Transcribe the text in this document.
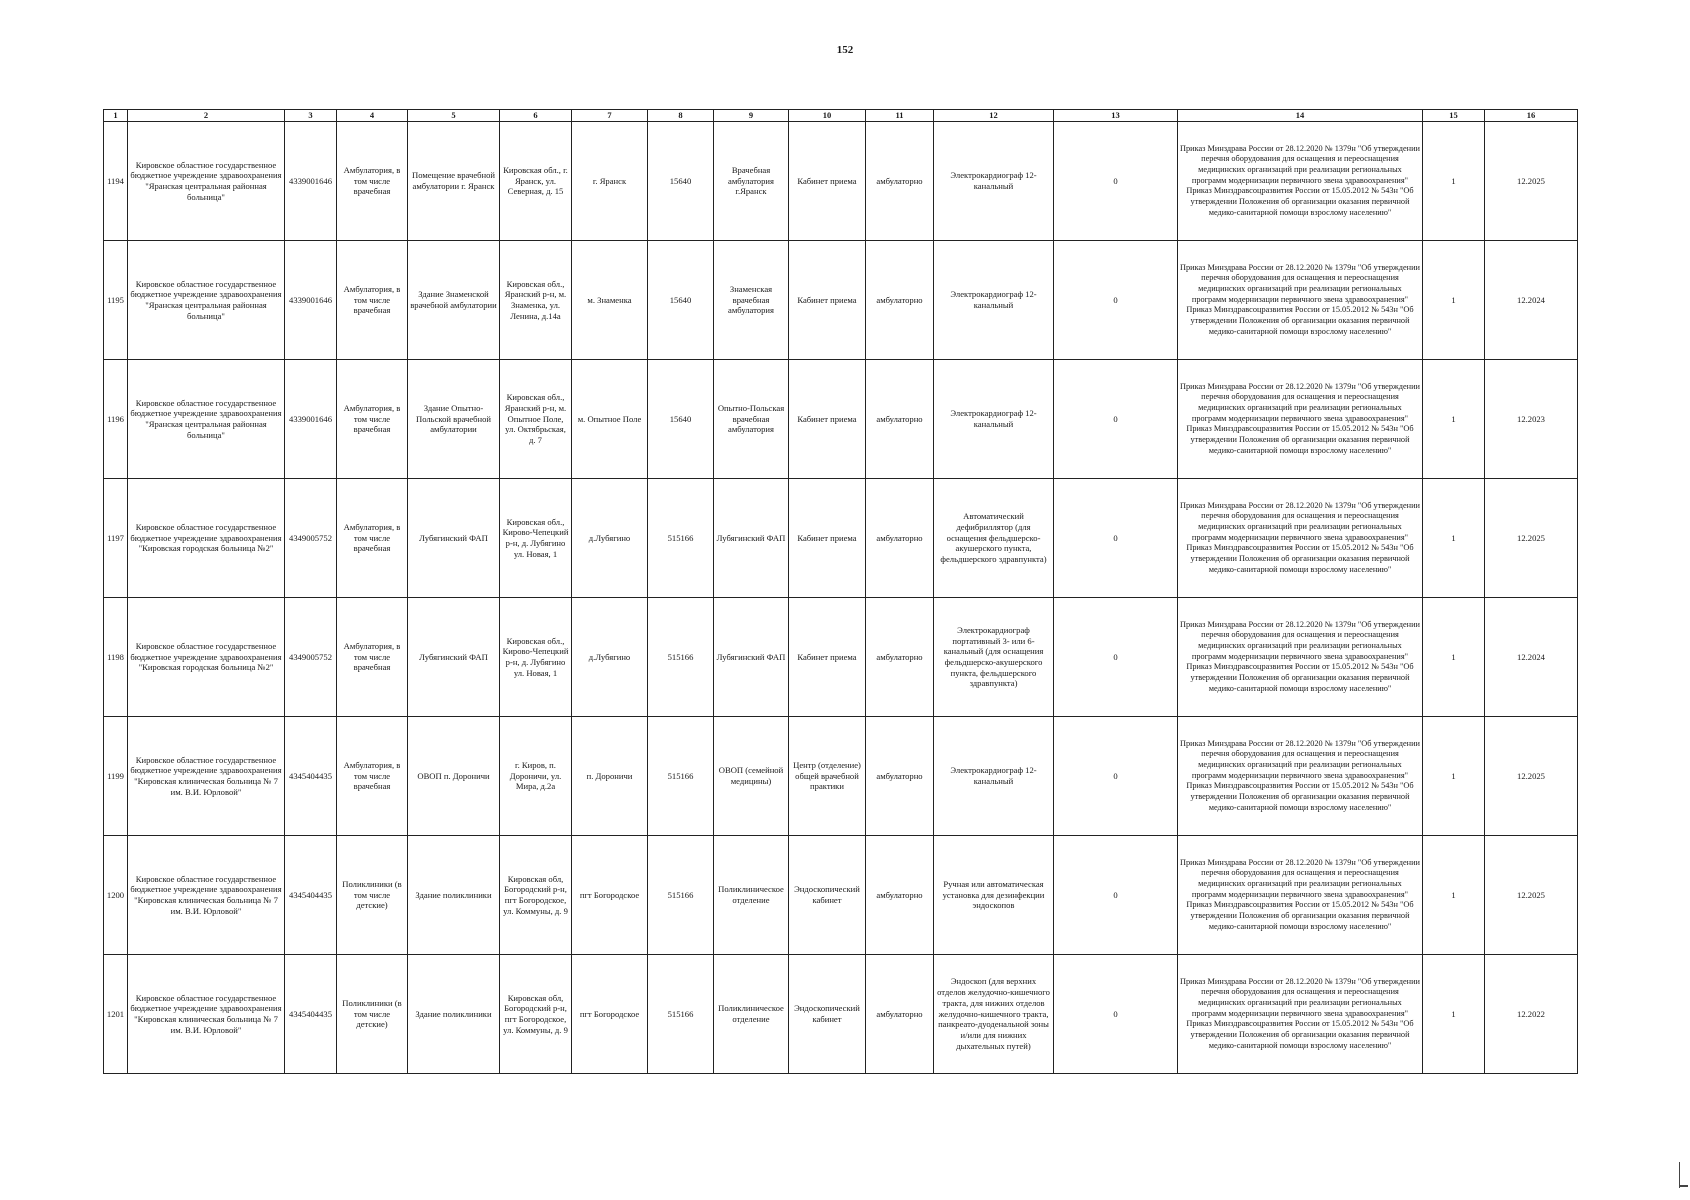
152
1	2	3	4	5	6	7	8	9	10	11	12	13	14	15	16
1194	Кировское областное государственное бюджетное учреждение здравоохранения "Яранская центральная районная больница"	4339001646	Амбулатория, в том числе врачебная	Помещение врачебной амбулатории г. Яранск	Кировская обл., г. Яранск, ул. Северная, д. 15	г. Яранск	15640	Врачебная амбулатория г.Яранск	Кабинет приема	амбулаторно	Электрокардиограф 12-канальный	0	Приказ Минздрава России от 28.12.2020 № 1379н "Об утверждении перечня оборудования для оснащения и переоснащения медицинских организаций при реализации региональных программ модернизации первичного звена здравоохранения"
Приказ Минздравсоцразвития России от 15.05.2012 № 543н "Об утверждении Положения об организации оказания первичной медико-санитарной помощи взрослому населению"	1	12.2025
1195	Кировское областное государственное бюджетное учреждение здравоохранения "Яранская центральная районная больница"	4339001646	Амбулатория, в том числе врачебная	Здание Знаменской врачебной амбулатории	Кировская обл., Яранский р-н, м. Знаменка, ул. Ленина, д.14а	м. Знаменка	15640	Знаменская врачебная амбулатория	Кабинет приема	амбулаторно	Электрокардиограф 12-канальный	0	Приказ Минздрава России от 28.12.2020 № 1379н "Об утверждении перечня оборудования для оснащения и переоснащения медицинских организаций при реализации региональных программ модернизации первичного звена здравоохранения"
Приказ Минздравсоцразвития России от 15.05.2012 № 543н "Об утверждении Положения об организации оказания первичной медико-санитарной помощи взрослому населению"	1	12.2024
1196	Кировское областное государственное бюджетное учреждение здравоохранения "Яранская центральная районная больница"	4339001646	Амбулатория, в том числе врачебная	Здание Опытно-Польской врачебной амбулатории	Кировская обл., Яранский р-н, м. Опытное Поле, ул. Октябрьская, д. 7	м. Опытное Поле	15640	Опытно-Польская врачебная амбулатория	Кабинет приема	амбулаторно	Электрокардиограф 12-канальный	0	Приказ Минздрава России от 28.12.2020 № 1379н "Об утверждении перечня оборудования для оснащения и переоснащения медицинских организаций при реализации региональных программ модернизации первичного звена здравоохранения"
Приказ Минздравсоцразвития России от 15.05.2012 № 543н "Об утверждении Положения об организации оказания первичной медико-санитарной помощи взрослому населению"	1	12.2023
1197	Кировское областное государственное бюджетное учреждение здравоохранения "Кировская городская больница №2"	4349005752	Амбулатория, в том числе врачебная	Лубягинский ФАП	Кировская обл., Кирово-Чепецкий р-н, д. Лубягино ул. Новая, 1	д.Лубягино	515166	Лубягинский ФАП	Кабинет приема	амбулаторно	Автоматический дефибриллятор (для оснащения фельдшерско-акушерского пункта, фельдшерского здравпункта)	0	Приказ Минздрава России от 28.12.2020 № 1379н "Об утверждении перечня оборудования для оснащения и переоснащения медицинских организаций при реализации региональных программ модернизации первичного звена здравоохранения"
Приказ Минздравсоцразвития России от 15.05.2012 № 543н "Об утверждении Положения об организации оказания первичной медико-санитарной помощи взрослому населению"	1	12.2025
1198	Кировское областное государственное бюджетное учреждение здравоохранения "Кировская городская больница №2"	4349005752	Амбулатория, в том числе врачебная	Лубягинский ФАП	Кировская обл., Кирово-Чепецкий р-н, д. Лубягино ул. Новая, 1	д.Лубягино	515166	Лубягинский ФАП	Кабинет приема	амбулаторно	Электрокардиограф портативный 3- или 6-канальный (для оснащения фельдшерско-акушерского пункта, фельдшерского здравпункта)	0	Приказ Минздрава России от 28.12.2020 № 1379н "Об утверждении перечня оборудования для оснащения и переоснащения медицинских организаций при реализации региональных программ модернизации первичного звена здравоохранения"
Приказ Минздравсоцразвития России от 15.05.2012 № 543н "Об утверждении Положения об организации оказания первичной медико-санитарной помощи взрослому населению"	1	12.2024
1199	Кировское областное государственное бюджетное учреждение здравоохранения "Кировская клиническая больница № 7 им. В.И. Юрловой"	4345404435	Амбулатория, в том числе врачебная	ОВОП п. Дороничи	г. Киров, п. Дороничи, ул. Мира, д.2а	п. Дороничи	515166	ОВОП (семейной медицины)	Центр (отделение) общей врачебной практики	амбулаторно	Электрокардиограф 12-канальный	0	Приказ Минздрава России от 28.12.2020 № 1379н "Об утверждении перечня оборудования для оснащения и переоснащения медицинских организаций при реализации региональных программ модернизации первичного звена здравоохранения"
Приказ Минздравсоцразвития России от 15.05.2012 № 543н "Об утверждении Положения об организации оказания первичной медико-санитарной помощи взрослому населению"	1	12.2025
1200	Кировское областное государственное бюджетное учреждение здравоохранения "Кировская клиническая больница № 7 им. В.И. Юрловой"	4345404435	Поликлиники (в том числе детские)	Здание поликлиники	Кировская обл, Богородский р-н, пгт Богородское, ул. Коммуны, д. 9	пгт Богородское	515166	Поликлиническое отделение	Эндоскопический кабинет	амбулаторно	Ручная или автоматическая установка для дезинфекции эндоскопов	0	Приказ Минздрава России от 28.12.2020 № 1379н "Об утверждении перечня оборудования для оснащения и переоснащения медицинских организаций при реализации региональных программ модернизации первичного звена здравоохранения"
Приказ Минздравсоцразвития России от 15.05.2012 № 543н "Об утверждении Положения об организации оказания первичной медико-санитарной помощи взрослому населению"	1	12.2025
1201	Кировское областное государственное бюджетное учреждение здравоохранения "Кировская клиническая больница № 7 им. В.И. Юрловой"	4345404435	Поликлиники (в том числе детские)	Здание поликлиники	Кировская обл, Богородский р-н, пгт Богородское, ул. Коммуны, д. 9	пгт Богородское	515166	Поликлиническое отделение	Эндоскопический кабинет	амбулаторно	Эндоскоп (для верхних отделов желудочно-кишечного тракта, для нижних отделов желудочно-кишечного тракта, панкреато-дуоденальной зоны и/или для нижних дыхательных путей)	0	Приказ Минздрава России от 28.12.2020 № 1379н "Об утверждении перечня оборудования для оснащения и переоснащения медицинских организаций при реализации региональных программ модернизации первичного звена здравоохранения"
Приказ Минздравсоцразвития России от 15.05.2012 № 543н "Об утверждении Положения об организации оказания первичной медико-санитарной помощи взрослому населению"	1	12.2022
